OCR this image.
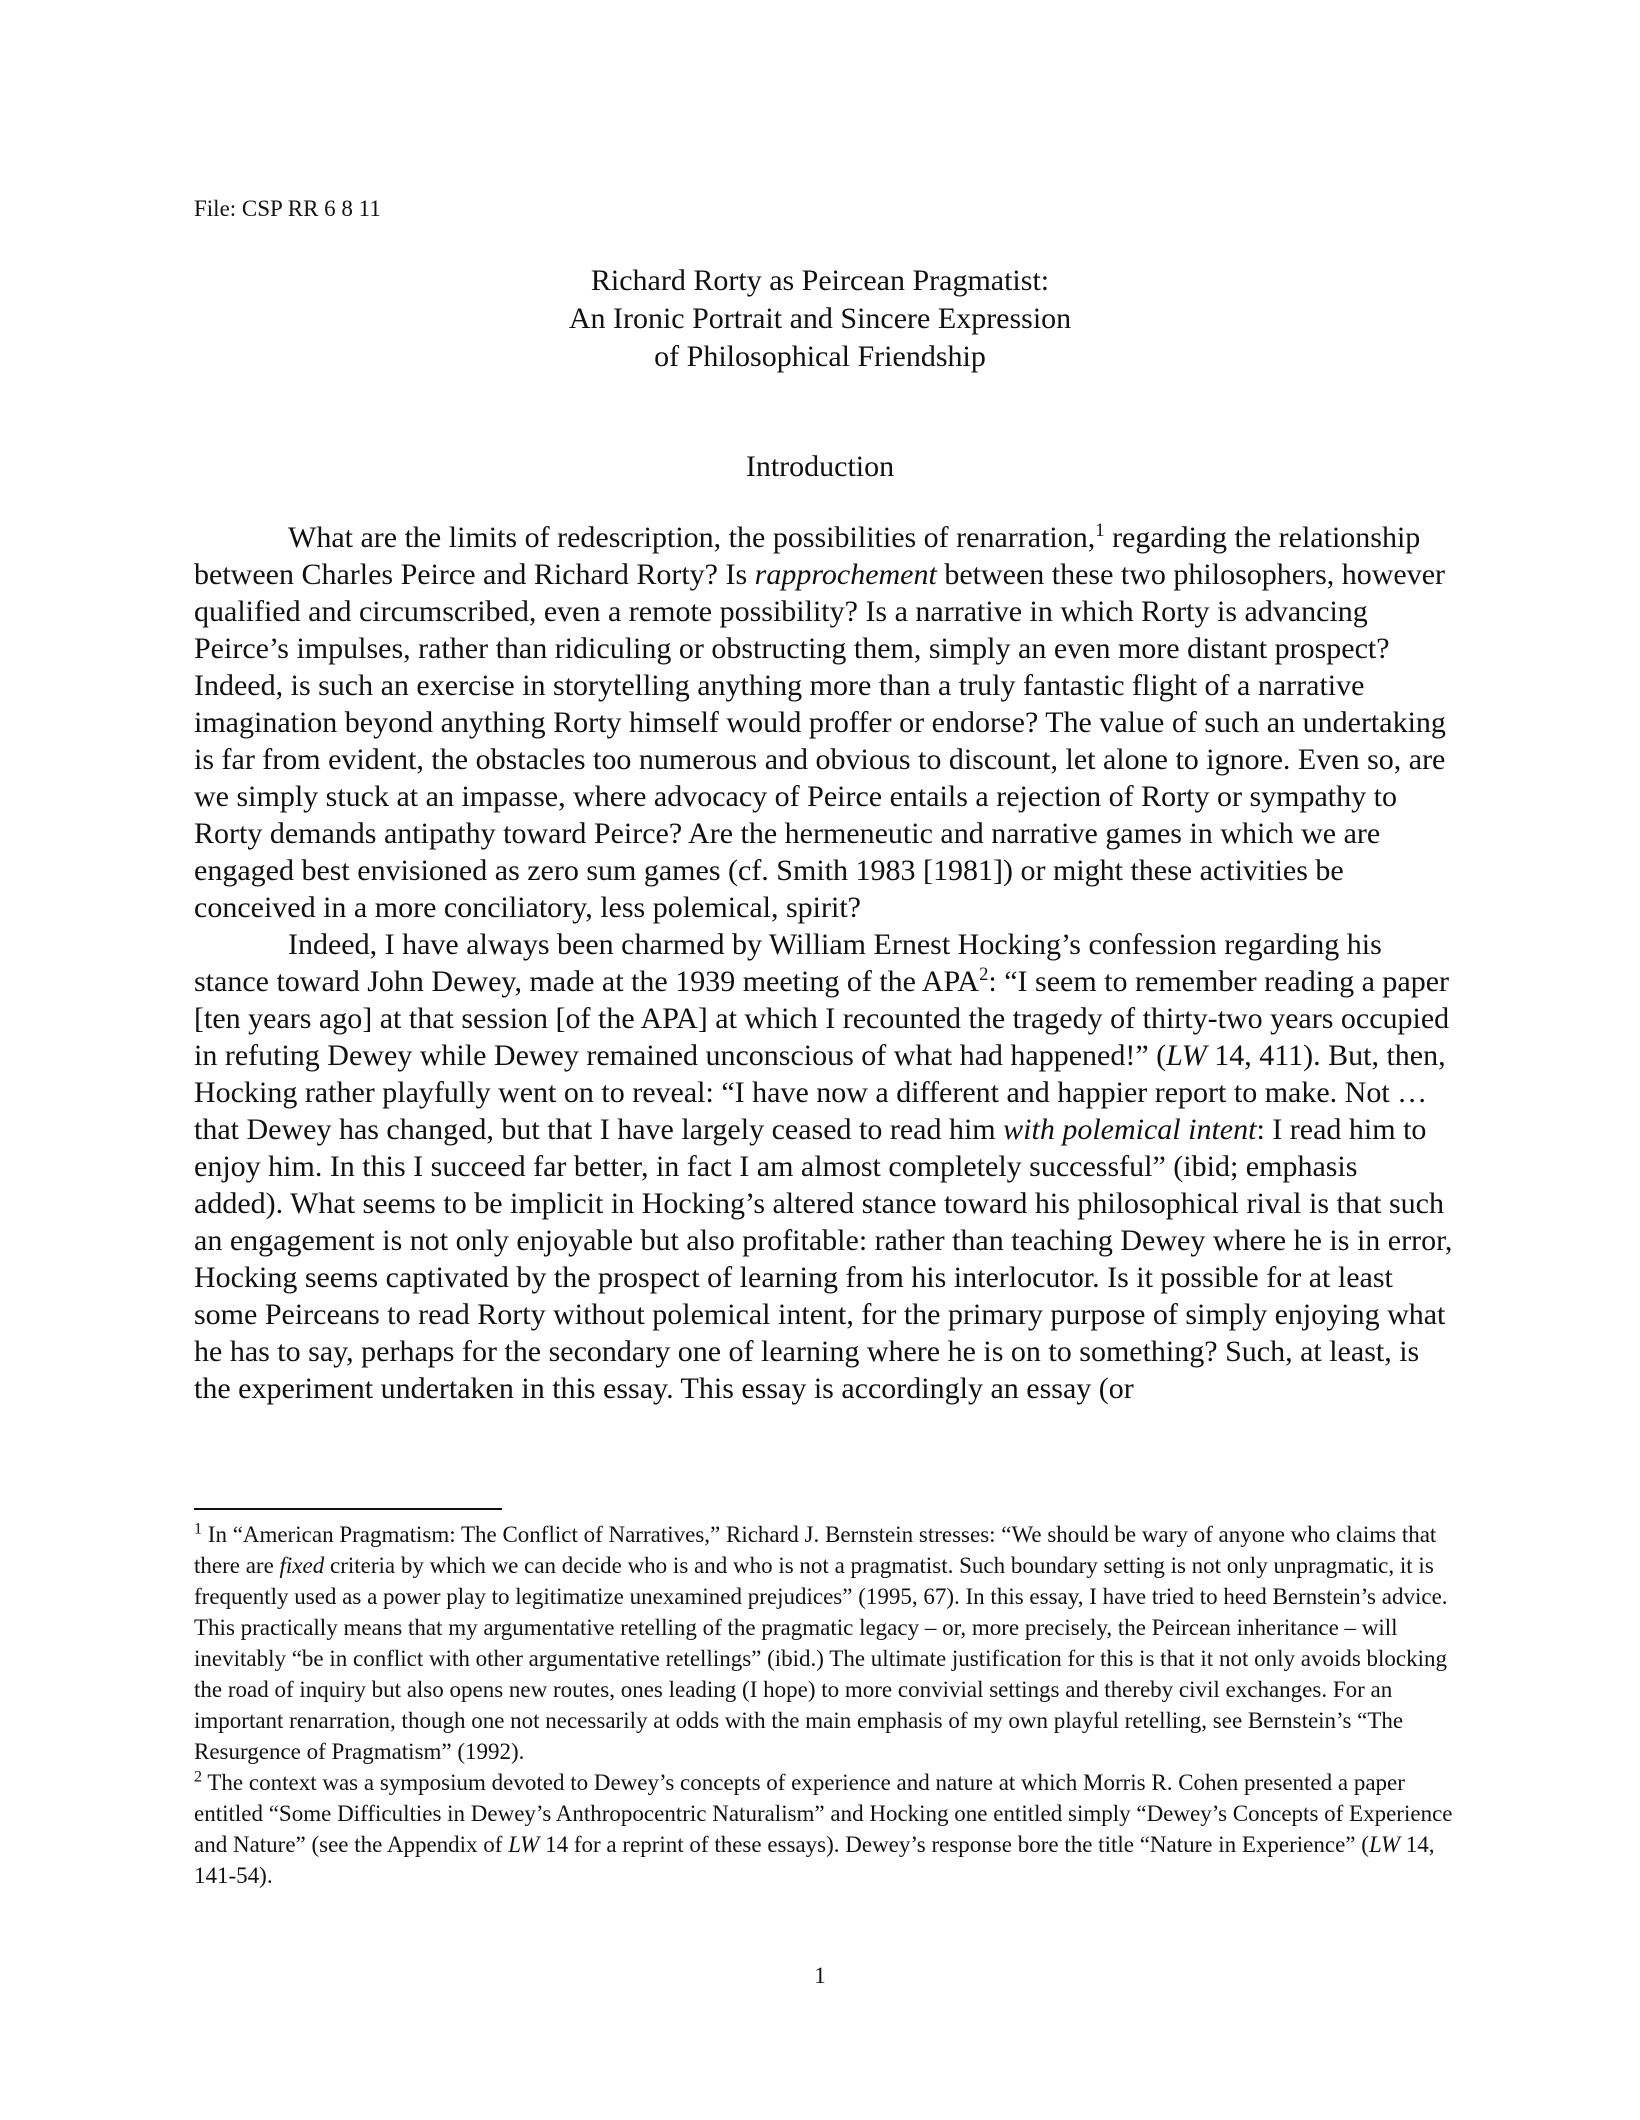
File: CSP RR 6 8 11
Richard Rorty as Peircean Pragmatist:
An Ironic Portrait and Sincere Expression
of Philosophical Friendship
Introduction

What are the limits of redescription, the possibilities of renarration,$^1$ regarding the relationship between Charles Peirce and Richard Rorty? Is rapprochement between these two philosophers, however qualified and circumscribed, even a remote possibility? Is a narrative in which Rorty is advancing Peirce’s impulses, rather than ridiculing or obstructing them, simply an even more distant prospect? Indeed, is such an exercise in storytelling anything more than a truly fantastic flight of a narrative imagination beyond anything Rorty himself would proffer or endorse? The value of such an undertaking is far from evident, the obstacles too numerous and obvious to discount, let alone to ignore. Even so, are we simply stuck at an impasse, where advocacy of Peirce entails a rejection of Rorty or sympathy to Rorty demands antipathy toward Peirce? Are the hermeneutic and narrative games in which we are engaged best envisioned as zero sum games (cf. Smith 1983 [1981]) or might these activities be conceived in a more conciliatory, less polemical, spirit?

Indeed, I have always been charmed by William Ernest Hocking’s confession regarding his stance toward John Dewey, made at the 1939 meeting of the APA$^2$: “I seem to remember reading a paper [ten years ago] at that session [of the APA] at which I recounted the tragedy of thirty-two years occupied in refuting Dewey while Dewey remained unconscious of what had happened!” (LW 14, 411). But, then, Hocking rather playfully went on to reveal: “I have now a different and happier report to make. Not … that Dewey has changed, but that I have largely ceased to read him with polemical intent: I read him to enjoy him. In this I succeed far better, in fact I am almost completely successful” (ibid; emphasis added). What seems to be implicit in Hocking’s altered stance toward his philosophical rival is that such an engagement is not only enjoyable but also profitable: rather than teaching Dewey where he is in error, Hocking seems captivated by the prospect of learning from his interlocutor. Is it possible for at least some Peirceans to read Rorty without polemical intent, for the primary purpose of simply enjoying what he has to say, perhaps for the secondary one of learning where he is on to something? Such, at least, is the experiment undertaken in this essay. This essay is accordingly an essay (or

$^1$ In “American Pragmatism: The Conflict of Narratives,” Richard J. Bernstein stresses: “We should be wary of anyone who claims that there are fixed criteria by which we can decide who is and who is not a pragmatist. Such boundary setting is not only unpragmatic, it is frequently used as a power play to legitimatize unexamined prejudices” (1995, 67). In this essay, I have tried to heed Bernstein’s advice. This practically means that my argumentative retelling of the pragmatic legacy – or, more precisely, the Peircean inheritance – will inevitably “be in conflict with other argumentative retellings” (ibid.) The ultimate justification for this is that it not only avoids blocking the road of inquiry but also opens new routes, ones leading (I hope) to more convivial settings and thereby civil exchanges. For an important renarration, though one not necessarily at odds with the main emphasis of my own playful retelling, see Bernstein’s “The Resurgence of Pragmatism” (1992).

$^2$ The context was a symposium devoted to Dewey’s concepts of experience and nature at which Morris R. Cohen presented a paper entitled “Some Difficulties in Dewey’s Anthropocentric Naturalism” and Hocking one entitled simply “Dewey’s Concepts of Experience and Nature” (see the Appendix of LW 14 for a reprint of these essays). Dewey’s response bore the title “Nature in Experience” (LW 14, 141-54).

1
